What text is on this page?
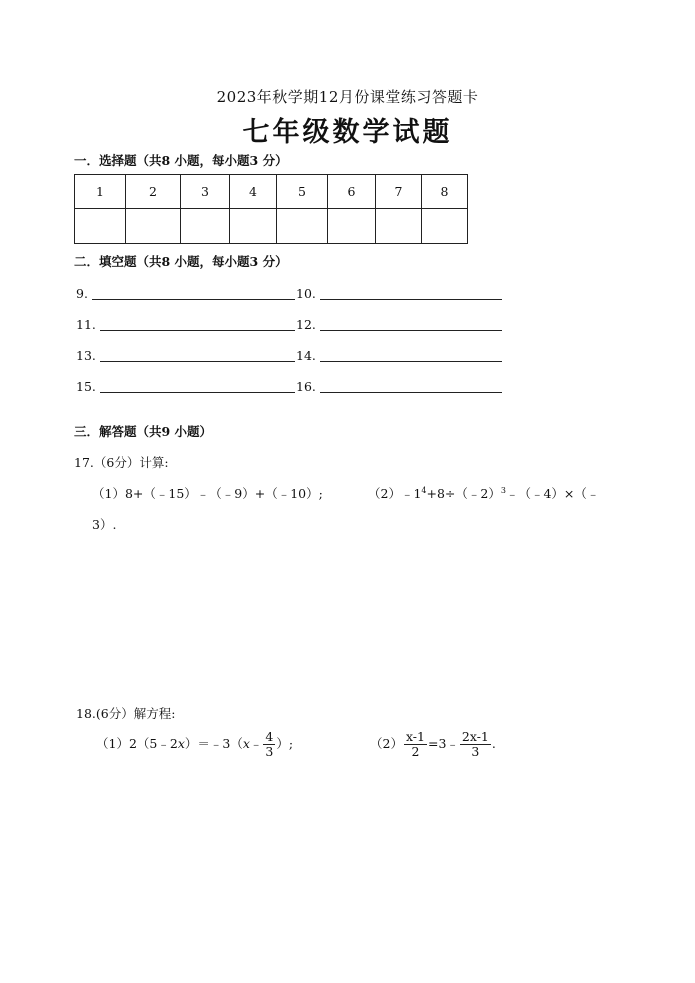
2023年秋学期12月份课堂练习答题卡
七年级数学试题
一．选择题（共8 小题，每小题3 分）
1	2	3	4	5	6	7	8

二．填空题（共8 小题，每小题3 分）
9.	10.
11.	12.
13.	14.
15.	16.
三．解答题（共9 小题）
17.（6分）计算:
（1）8+（﹣15）﹣（﹣9）+（﹣10）;	$(2)﹣1^4+8\div(﹣2)^3﹣(﹣4)\times(﹣$
3）.
18.(6分）解方程:
（1）2（5﹣2x）＝﹣3（x﹣ $\frac{4}{3}$ ）;	$(2) \frac{x-1}{2}$ =3﹣ $\frac{2x-1}{3}$ .
